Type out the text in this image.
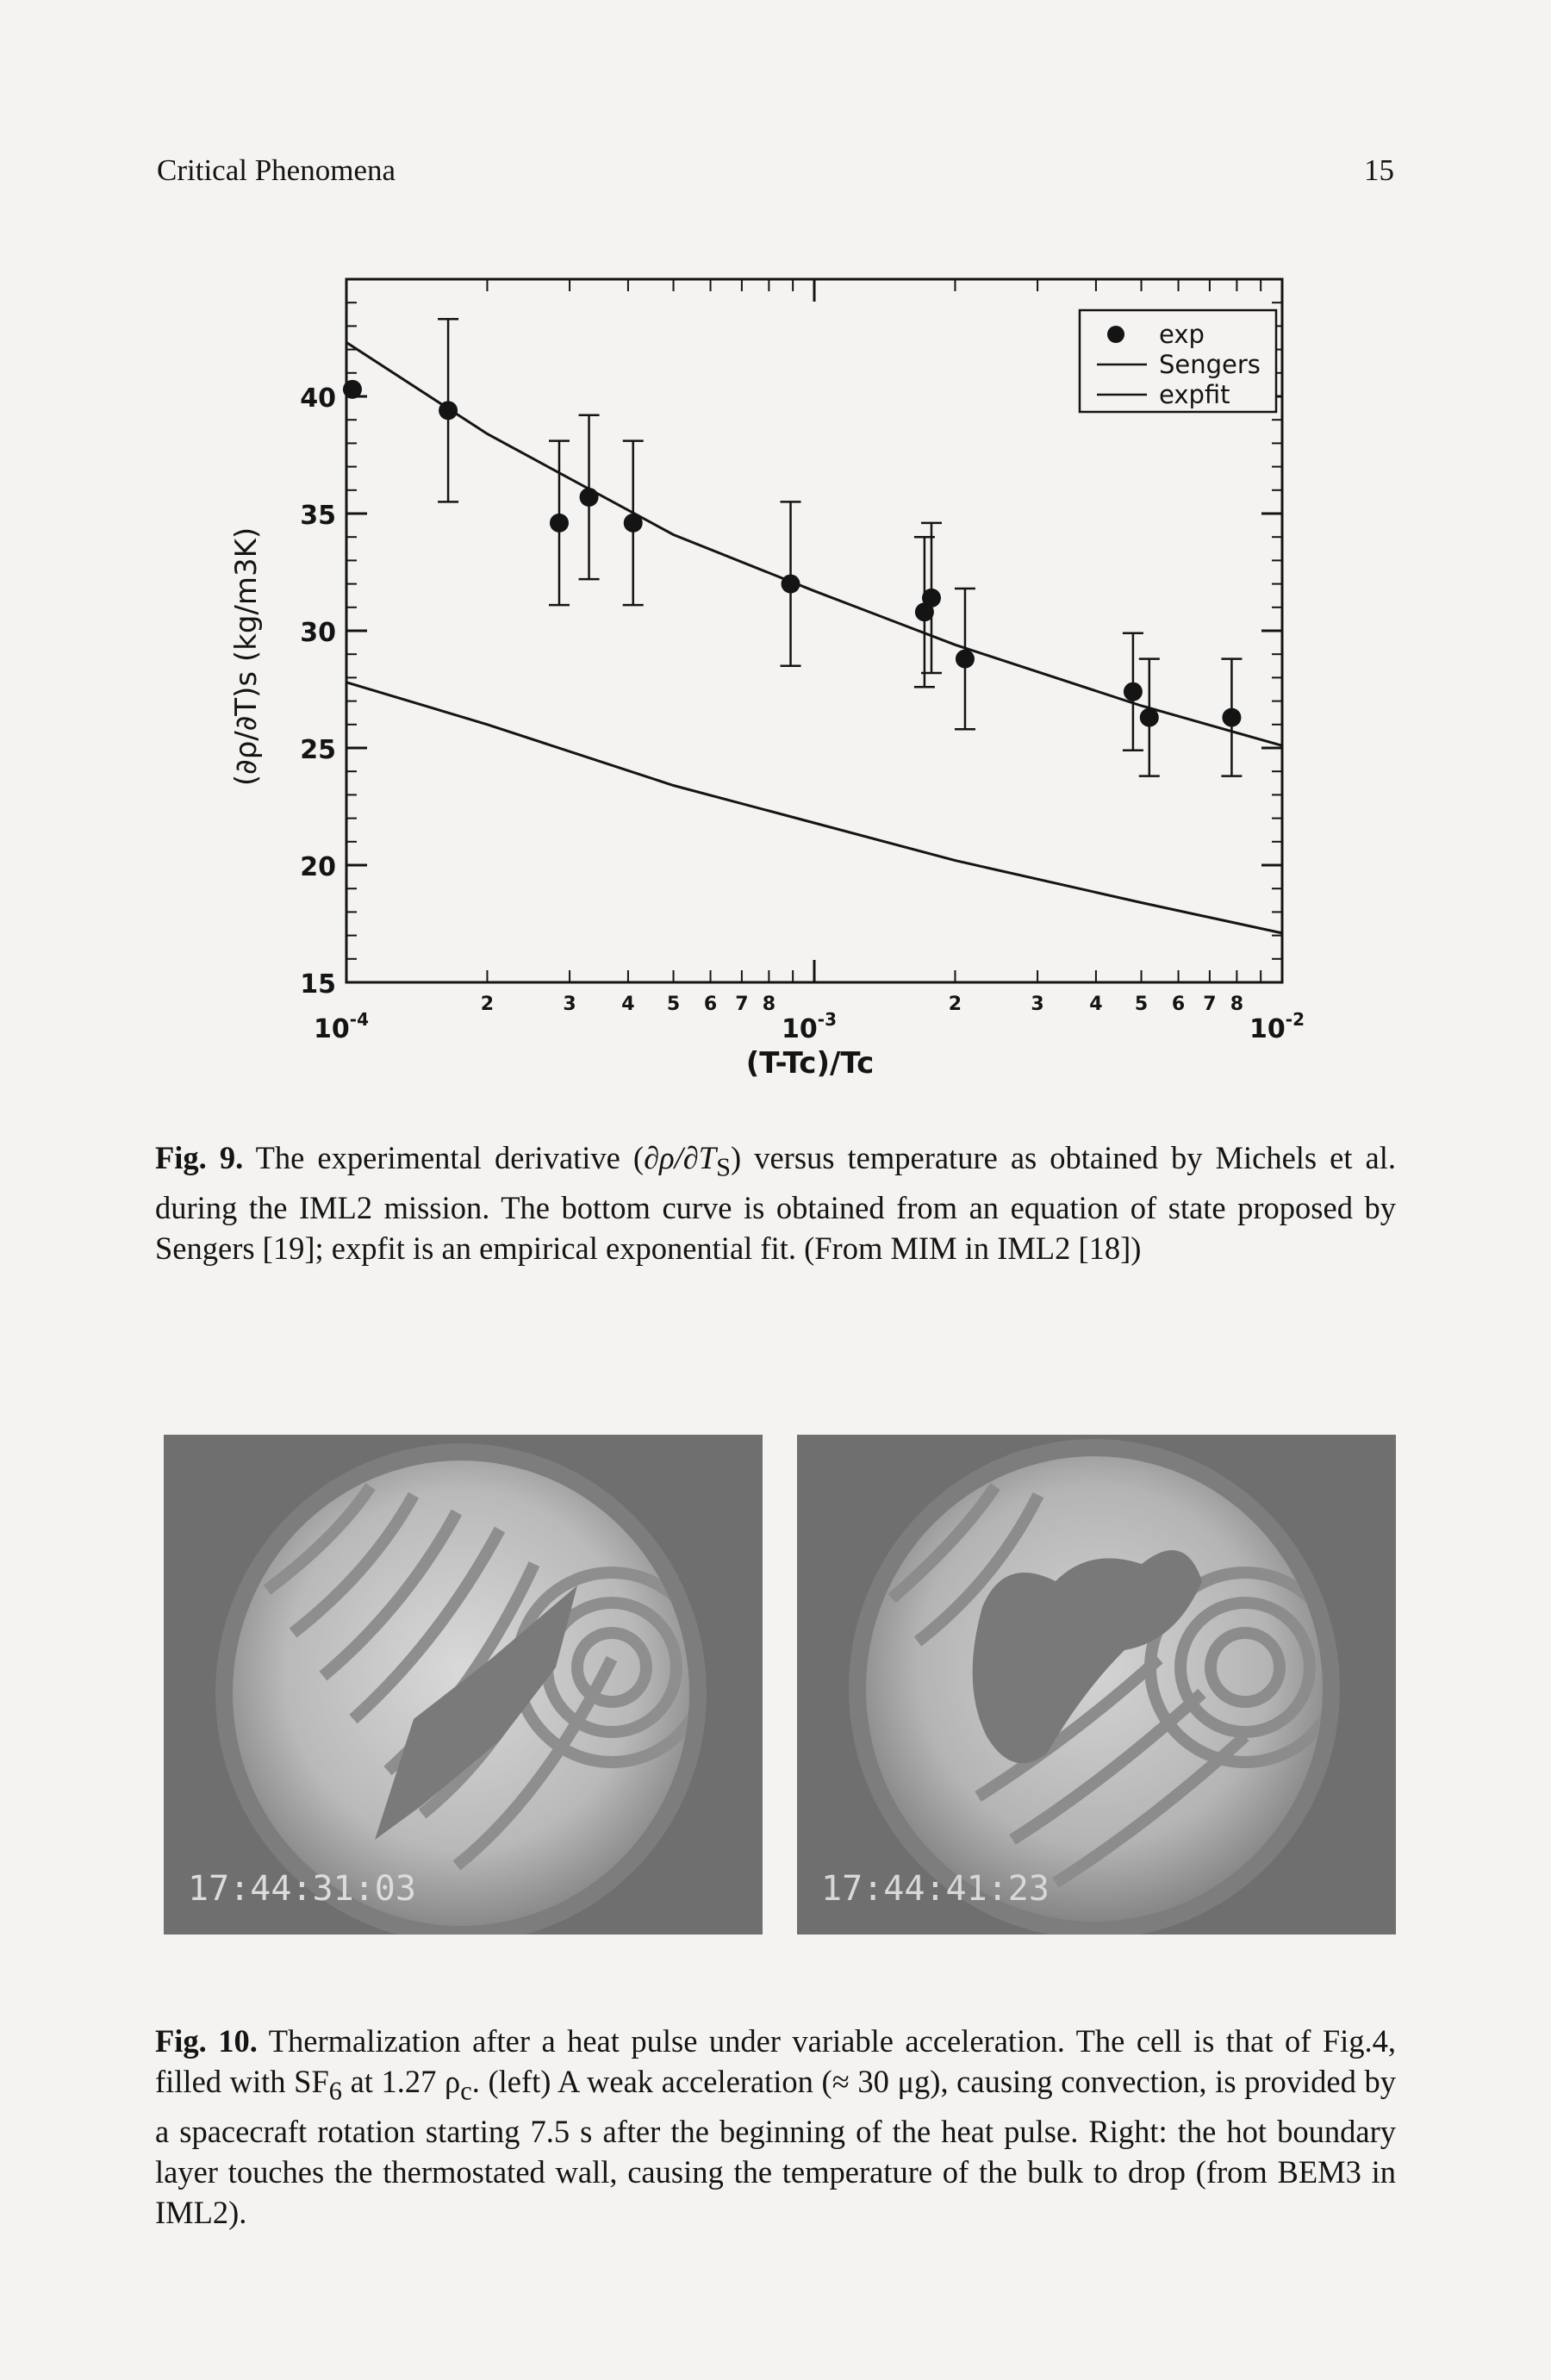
Critical Phenomena	15
15
20
25
30
35
40
2	3 4 5 6 7 8	2	3 4 5 6 7 8
$10^{-4}$	$10^{-3}$	$10^{-2}$
(T-Tc)/Tc
(∂ρ/∂T)s (kg/m3K)
exp
Sengers
expfit

Fig. 9. The experimental derivative $(\partial\rho/\partial T_S)$ versus temperature as obtained by Michels et al. during the IML2 mission. The bottom curve is obtained from an equation of state proposed by Sengers [19]; expfit is an empirical exponential fit. (From MIM in IML2 [18])

17:44:31:03	17:44:41:23

Fig. 10. Thermalization after a heat pulse under variable acceleration. The cell is that of Fig.4, filled with $SF_6$ at 1.27 $\rho_c$. (left) A weak acceleration (≈ 30 μg), causing convection, is provided by a spacecraft rotation starting 7.5 s after the beginning of the heat pulse. Right: the hot boundary layer touches the thermostated wall, causing the temperature of the bulk to drop (from BEM3 in IML2).
